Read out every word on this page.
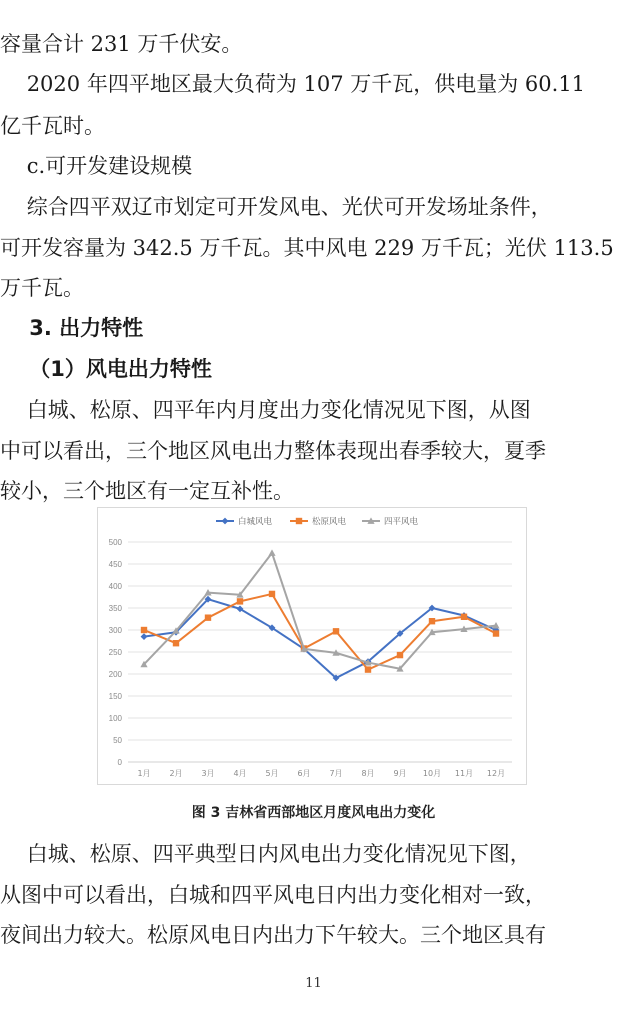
容量合计 231 万千伏安。

2020 年四平地区最大负荷为 107 万千瓦，供电量为 60.11

亿千瓦时。

c.可开发建设规模

综合四平双辽市划定可开发风电、光伏可开发场址条件，

可开发容量为 342.5 万千瓦。其中风电 229 万千瓦；光伏 113.5

万千瓦。

3. 出力特性

（1）风电出力特性

白城、松原、四平年内月度出力变化情况见下图，从图

中可以看出，三个地区风电出力整体表现出春季较大，夏季

较小，三个地区有一定互补性。

0
50
100
150
200
250
300
350
400
450
500
1月 2月 3月 4月 5月 6月 7月 8月 9月 10月 11月 12月
白城风电	松原风电	四平风电
图 3 吉林省西部地区月度风电出力变化

白城、松原、四平典型日内风电出力变化情况见下图，

从图中可以看出，白城和四平风电日内出力变化相对一致，

夜间出力较大。松原风电日内出力下午较大。三个地区具有

11
